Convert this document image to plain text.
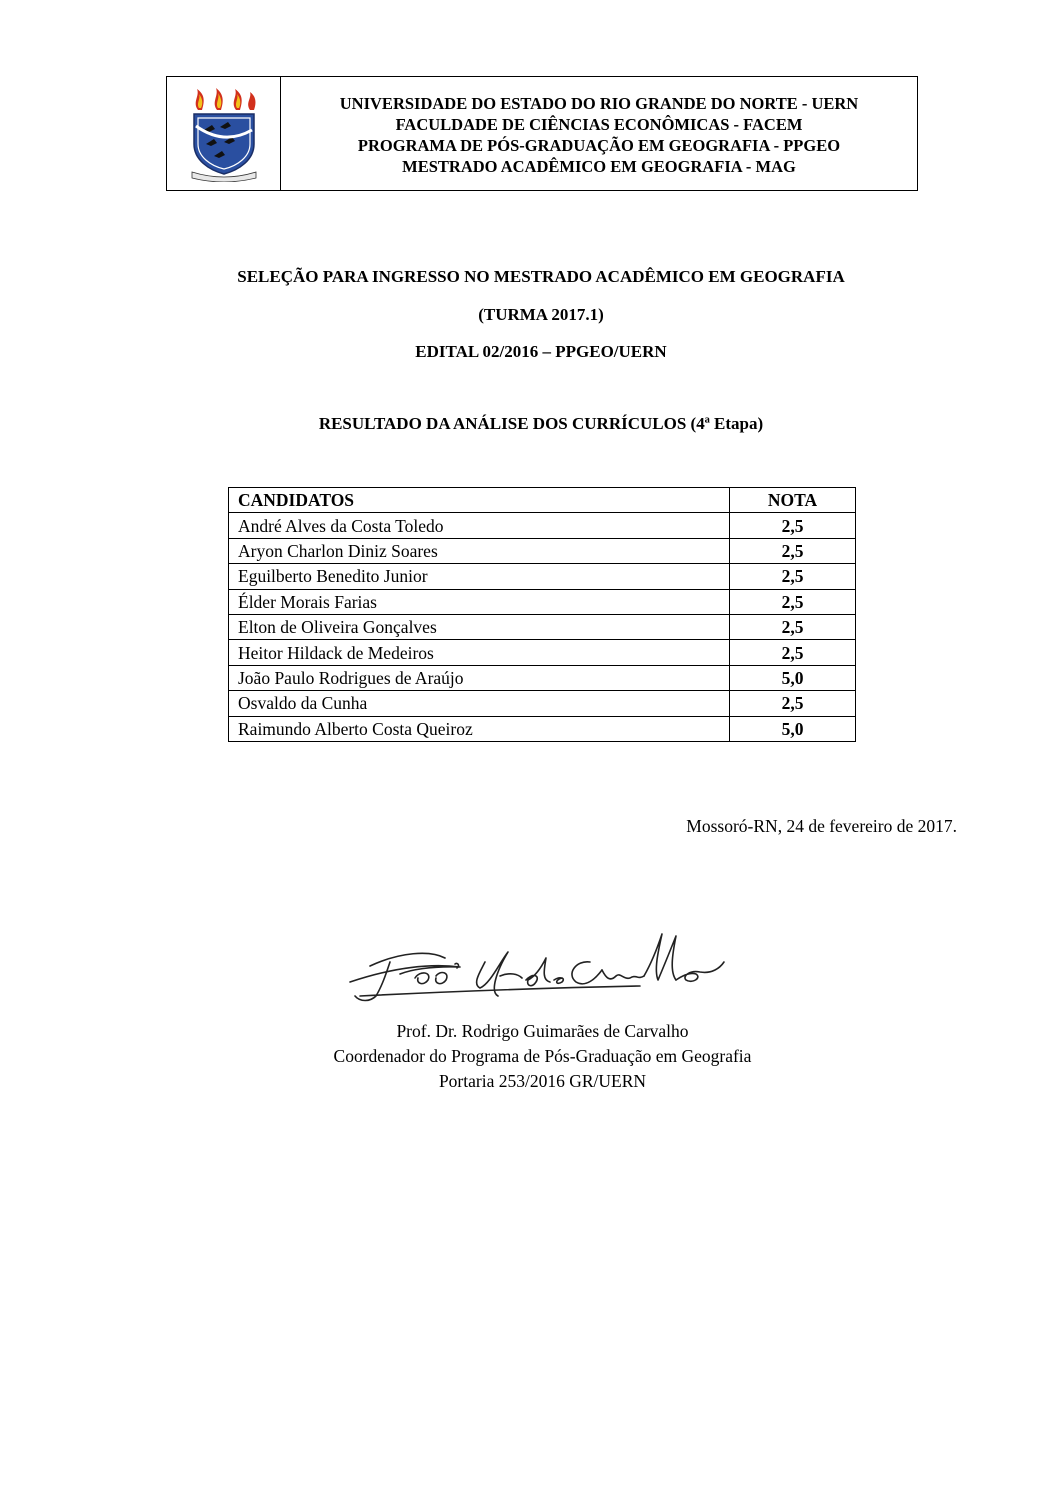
UNIVERSIDADE DO ESTADO DO RIO GRANDE DO NORTE - UERN
FACULDADE DE CIÊNCIAS ECONÔMICAS - FACEM
PROGRAMA DE PÓS-GRADUAÇÃO EM GEOGRAFIA - PPGEO
MESTRADO ACADÊMICO EM GEOGRAFIA - MAG
SELEÇÃO PARA INGRESSO NO MESTRADO ACADÊMICO EM GEOGRAFIA
(TURMA 2017.1)
EDITAL 02/2016 – PPGEO/UERN
RESULTADO DA ANÁLISE DOS CURRÍCULOS (4ª Etapa)
CANDIDATOS	NOTA
André Alves da Costa Toledo	2,5
Aryon Charlon Diniz Soares	2,5
Eguilberto Benedito Junior	2,5
Élder Morais Farias	2,5
Elton de Oliveira Gonçalves	2,5
Heitor Hildack de Medeiros	2,5
João Paulo Rodrigues de Araújo	5,0
Osvaldo da Cunha	2,5
Raimundo Alberto Costa Queiroz	5,0
Mossoró-RN, 24 de fevereiro de 2017.
Prof. Dr. Rodrigo Guimarães de Carvalho
Coordenador do Programa de Pós-Graduação em Geografia
Portaria 253/2016 GR/UERN
